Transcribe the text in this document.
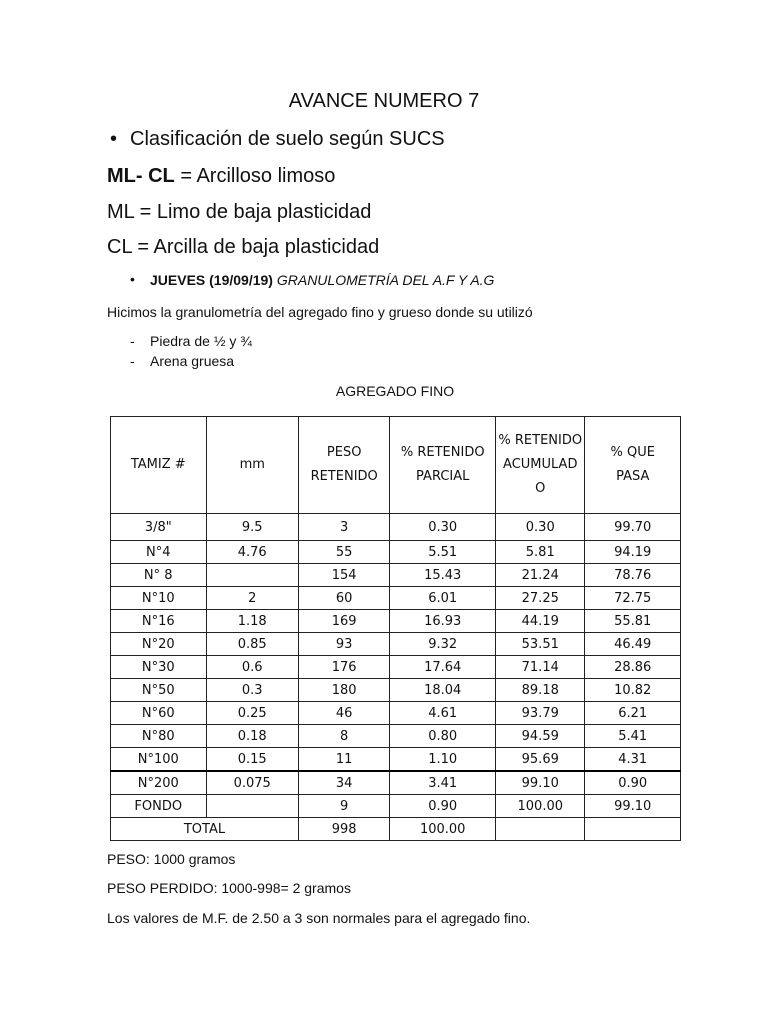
AVANCE NUMERO 7
• Clasificación de suelo según SUCS
ML- CL = Arcilloso limoso
ML = Limo de baja plasticidad
CL = Arcilla de baja plasticidad
• JUEVES (19/09/19) GRANULOMETRÍA DEL A.F Y A.G
Hicimos la granulometría del agregado fino y grueso donde su utilizó
- Piedra de ½ y ¾
- Arena gruesa
AGREGADO FINO
TAMIZ #	mm	PESO RETENIDO	% RETENIDO PARCIAL	% RETENIDO ACUMULADO	% QUE PASA
3/8"	9.5	3	0.30	0.30	99.70
N°4	4.76	55	5.51	5.81	94.19
N° 8		154	15.43	21.24	78.76
N°10	2	60	6.01	27.25	72.75
N°16	1.18	169	16.93	44.19	55.81
N°20	0.85	93	9.32	53.51	46.49
N°30	0.6	176	17.64	71.14	28.86
N°50	0.3	180	18.04	89.18	10.82
N°60	0.25	46	4.61	93.79	6.21
N°80	0.18	8	0.80	94.59	5.41
N°100	0.15	11	1.10	95.69	4.31
N°200	0.075	34	3.41	99.10	0.90
FONDO		9	0.90	100.00	99.10
TOTAL		998	100.00		
PESO: 1000 gramos
PESO PERDIDO: 1000-998= 2 gramos
Los valores de M.F. de 2.50 a 3 son normales para el agregado fino.
